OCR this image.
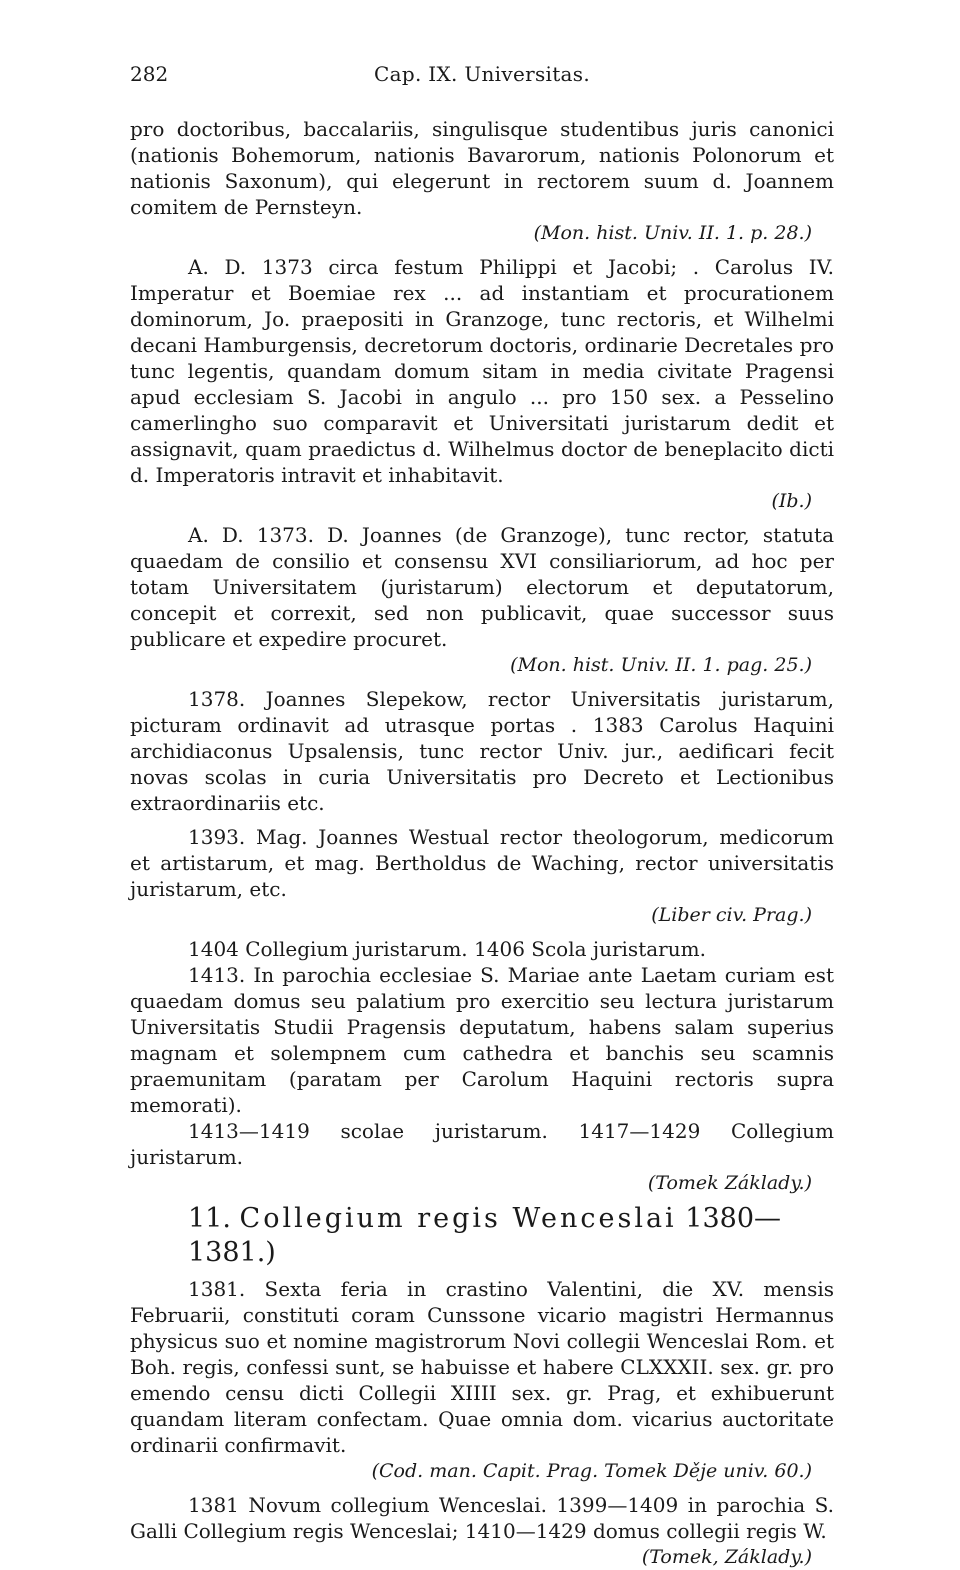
282	Cap. IX. Universitas.

pro doctoribus, baccalariis, singulisque studentibus juris canonici (nationis Bohemorum, nationis Bavarorum, nationis Polonorum et nationis Saxonum), qui elegerunt in rectorem suum d. Joannem comitem de Pernsteyn.

(Mon. hist. Univ. II. 1. p. 28.)

A. D. 1373 circa festum Philippi et Jacobi; . Carolus IV. Imperatur et Boemiae rex ... ad instantiam et procurationem dominorum, Jo. praepositi in Granzoge, tunc rectoris, et Wilhelmi decani Hamburgensis, decretorum doctoris, ordinarie Decretales pro tunc legentis, quandam domum sitam in media civitate Pragensi apud ecclesiam S. Jacobi in angulo ... pro 150 sex. a Pesselino camerlingho suo comparavit et Universitati juristarum dedit et assignavit, quam praedictus d. Wilhelmus doctor de beneplacito dicti d. Imperatoris intravit et inhabitavit.

(Ib.)

A. D. 1373. D. Joannes (de Granzoge), tunc rector, statuta quaedam de consilio et consensu XVI consiliariorum, ad hoc per totam Universitatem (juristarum) electorum et deputatorum, concepit et correxit, sed non publicavit, quae successor suus publicare et expedire procuret.

(Mon. hist. Univ. II. 1. pag. 25.)

1378. Joannes Slepekow, rector Universitatis juristarum, picturam ordinavit ad utrasque portas . 1383 Carolus Haquini archidiaconus Upsalensis, tunc rector Univ. jur., aedificari fecit novas scolas in curia Universitatis pro Decreto et Lectionibus extraordinariis etc.

1393. Mag. Joannes Westual rector theologorum, medicorum et artistarum, et mag. Bertholdus de Waching, rector universitatis juristarum, etc.

(Liber civ. Prag.)

1404 Collegium juristarum. 1406 Scola juristarum.

1413. In parochia ecclesiae S. Mariae ante Laetam curiam est quaedam domus seu palatium pro exercitio seu lectura juristarum Universitatis Studii Pragensis deputatum, habens salam superius magnam et solempnem cum cathedra et banchis seu scamnis praemunitam (paratam per Carolum Haquini rectoris supra memorati).

1413—1419 scolae juristarum. 1417—1429 Collegium juristarum.

(Tomek Základy.)

11. Collegium regis Wenceslai 1380—1381.)

1381. Sexta feria in crastino Valentini, die XV. mensis Februarii, constituti coram Cunssone vicario magistri Hermannus physicus suo et nomine magistrorum Novi collegii Wenceslai Rom. et Boh. regis, confessi sunt, se habuisse et habere CLXXXII. sex. gr. pro emendo censu dicti Collegii XIIII sex. gr. Prag, et exhibuerunt quandam literam confectam. Quae omnia dom. vicarius auctoritate ordinarii confirmavit.

(Cod. man. Capit. Prag. Tomek Děje univ. 60.)

1381 Novum collegium Wenceslai. 1399—1409 in parochia S. Galli Collegium regis Wenceslai; 1410—1429 domus collegii regis W.

(Tomek, Základy.)
